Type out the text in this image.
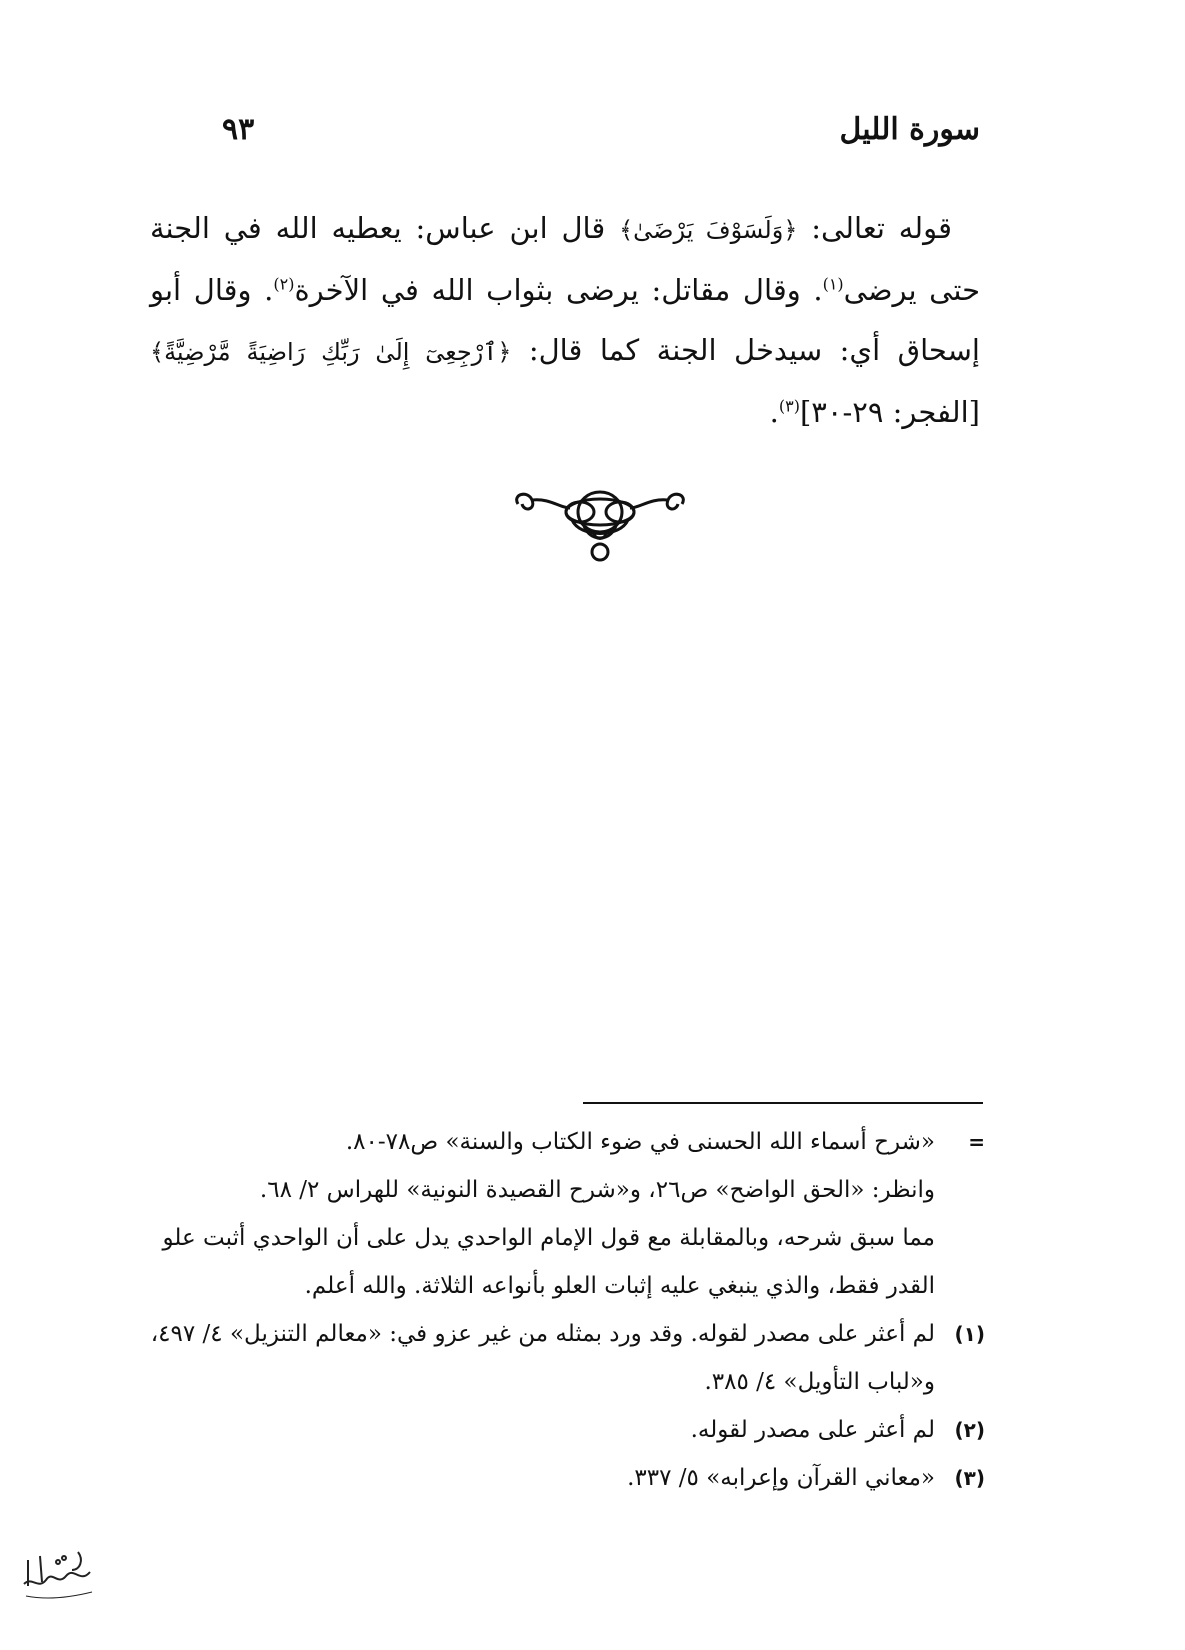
سورة الليل
٩٣

قوله تعالى: ﴿وَلَسَوْفَ يَرْضَىٰ﴾ قال ابن عباس: يعطيه الله في الجنة حتى يرضى$^{(١)}$. وقال مقاتل: يرضى بثواب الله في الآخرة$^{(٢)}$. وقال أبو إسحاق أي: سيدخل الجنة كما قال: ﴿ٱرْجِعِىٓ إِلَىٰ رَبِّكِ رَاضِيَةً مَّرْضِيَّةً﴾ [الفجر: ٢٩-٣٠]$^{(٣)}$.

=
«شرح أسماء الله الحسنى في ضوء الكتاب والسنة» ص٧٨-٨٠.
وانظر: «الحق الواضح» ص٢٦، و«شرح القصيدة النونية» للهراس ٢/ ٦٨.
مما سبق شرحه، وبالمقابلة مع قول الإمام الواحدي يدل على أن الواحدي أثبت علو القدر فقط، والذي ينبغي عليه إثبات العلو بأنواعه الثلاثة. والله أعلم.
(١)
لم أعثر على مصدر لقوله. وقد ورد بمثله من غير عزو في: «معالم التنزيل» ٤/ ٤٩٧، و«لباب التأويل» ٤/ ٣٨٥.
(٢)
لم أعثر على مصدر لقوله.
(٣)
«معاني القرآن وإعرابه» ٥/ ٣٣٧.
